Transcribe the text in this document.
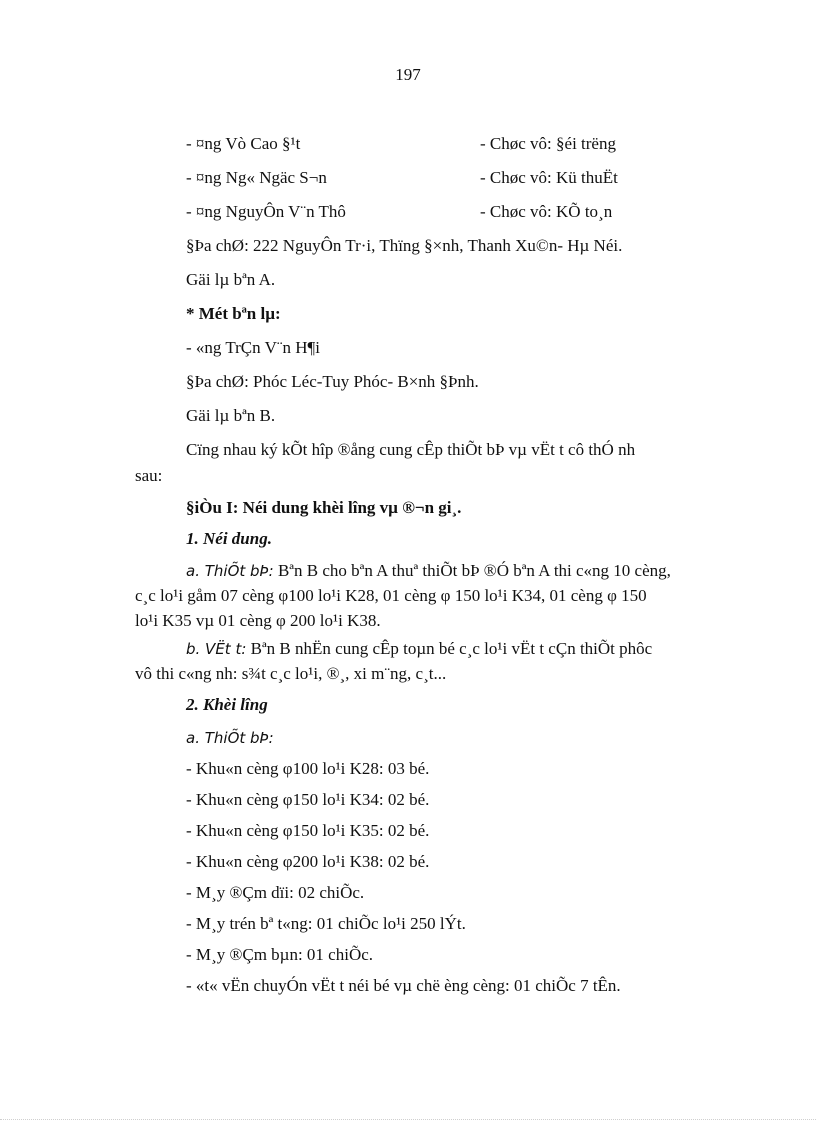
197
- ¤ng Vò Cao §¹t	- Chøc vô: §éi trëng
- ¤ng Ng« Ngäc S¬n	- Chøc vô: Kü thuËt
- ¤ng NguyÔn V¨n Thô	- Chøc vô: KÕ to¸n
§Þa chØ: 222 NguyÔn Tr·i, Thïng §×nh, Thanh Xu©n- Hµ Néi.
Gäi lµ bªn A.
* Mét bªn lµ:
- «ng TrÇn V¨n H¶i
§Þa chØ: Phóc Léc-Tuy Phóc- B×nh §Þnh.
Gäi lµ bªn B.
Cïng nhau ký kÕt hîp ®ång cung cÊp thiÕt bÞ vµ vËt t cô thÓ nh
sau:
§iÒu I: Néi dung khèi lîng vµ ®¬n gi¸.
1. Néi dung.
a. ThiÕt bÞ: Bªn B cho bªn A thuª thiÕt bÞ ®Ó bªn A thi c«ng 10 cèng,
c¸c lo¹i gåm 07 cèng φ100 lo¹i K28, 01 cèng φ 150 lo¹i K34, 01 cèng φ 150
lo¹i K35 vµ 01 cèng φ 200 lo¹i K38.
b. VËt t: Bªn B nhËn cung cÊp toµn bé c¸c lo¹i vËt t cÇn thiÕt phôc
vô thi c«ng nh: s¾t c¸c lo¹i, ®¸, xi m¨ng, c¸t...
2. Khèi lîng
a. ThiÕt bÞ:
- Khu«n cèng φ100 lo¹i K28: 03 bé.
- Khu«n cèng φ150 lo¹i K34: 02 bé.
- Khu«n cèng φ150 lo¹i K35: 02 bé.
- Khu«n cèng φ200 lo¹i K38: 02 bé.
- M¸y ®Çm dïi: 02 chiÕc.
- M¸y trén bª t«ng: 01 chiÕc lo¹i 250 lÝt.
- M¸y ®Çm bµn: 01 chiÕc.
- «t« vËn chuyÓn vËt t néi bé vµ chë èng cèng: 01 chiÕc 7 tÊn.
